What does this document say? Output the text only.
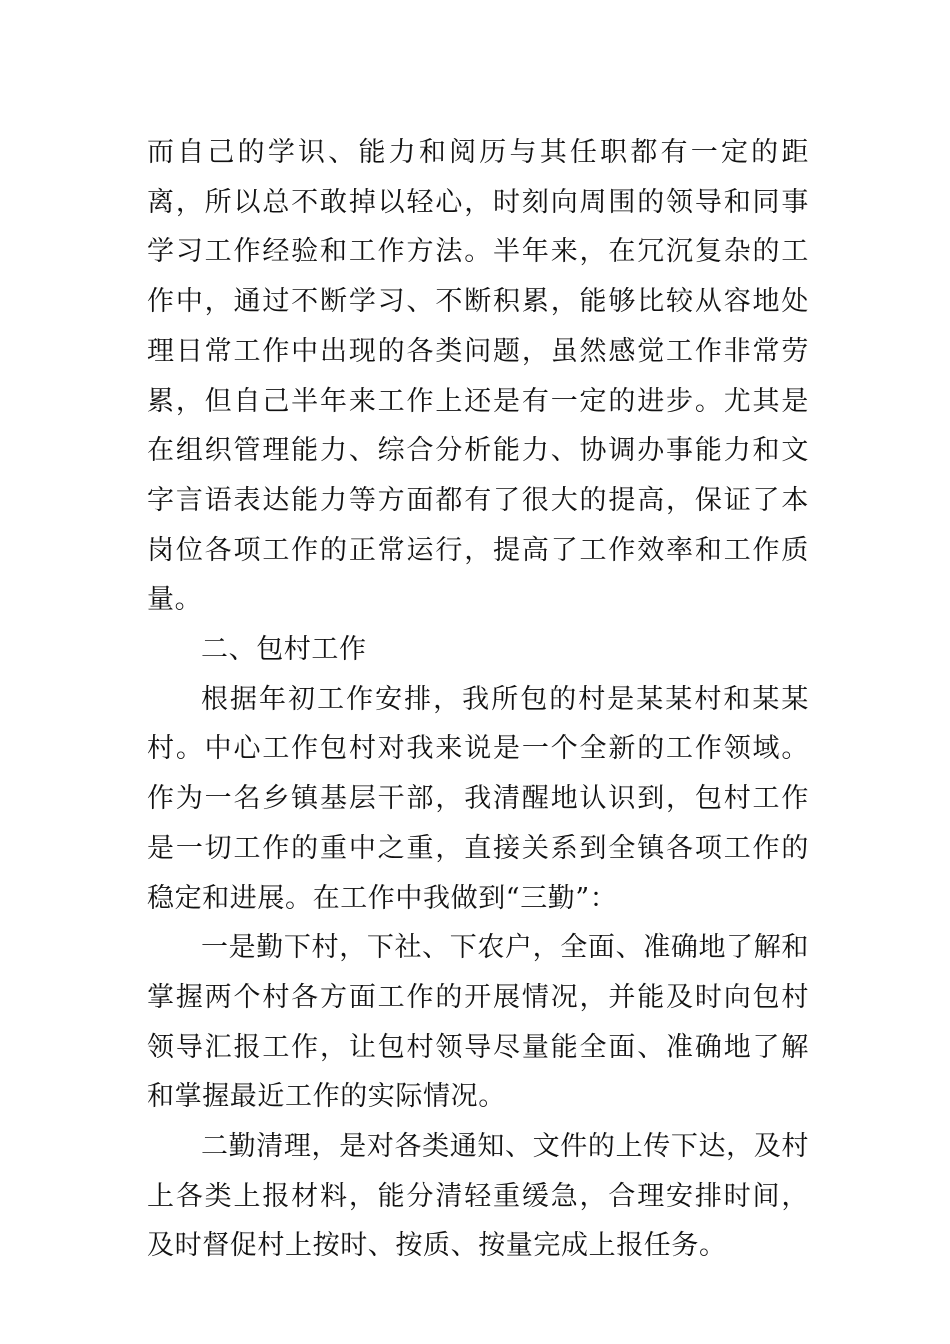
而自己的学识、能力和阅历与其任职都有一定的距离，所以总不敢掉以轻心，时刻向周围的领导和同事学习工作经验和工作方法。半年来，在冗沉复杂的工作中，通过不断学习、不断积累，能够比较从容地处理日常工作中出现的各类问题，虽然感觉工作非常劳累，但自己半年来工作上还是有一定的进步。尤其是在组织管理能力、综合分析能力、协调办事能力和文字言语表达能力等方面都有了很大的提高，保证了本岗位各项工作的正常运行，提高了工作效率和工作质量。

二、包村工作

根据年初工作安排，我所包的村是某某村和某某村。中心工作包村对我来说是一个全新的工作领域。作为一名乡镇基层干部，我清醒地认识到，包村工作是一切工作的重中之重，直接关系到全镇各项工作的稳定和进展。在工作中我做到“三勤”：

一是勤下村，下社、下农户，全面、准确地了解和掌握两个村各方面工作的开展情况，并能及时向包村领导汇报工作，让包村领导尽量能全面、准确地了解和掌握最近工作的实际情况。

二勤清理，是对各类通知、文件的上传下达，及村上各类上报材料，能分清轻重缓急，合理安排时间，及时督促村上按时、按质、按量完成上报任务。
